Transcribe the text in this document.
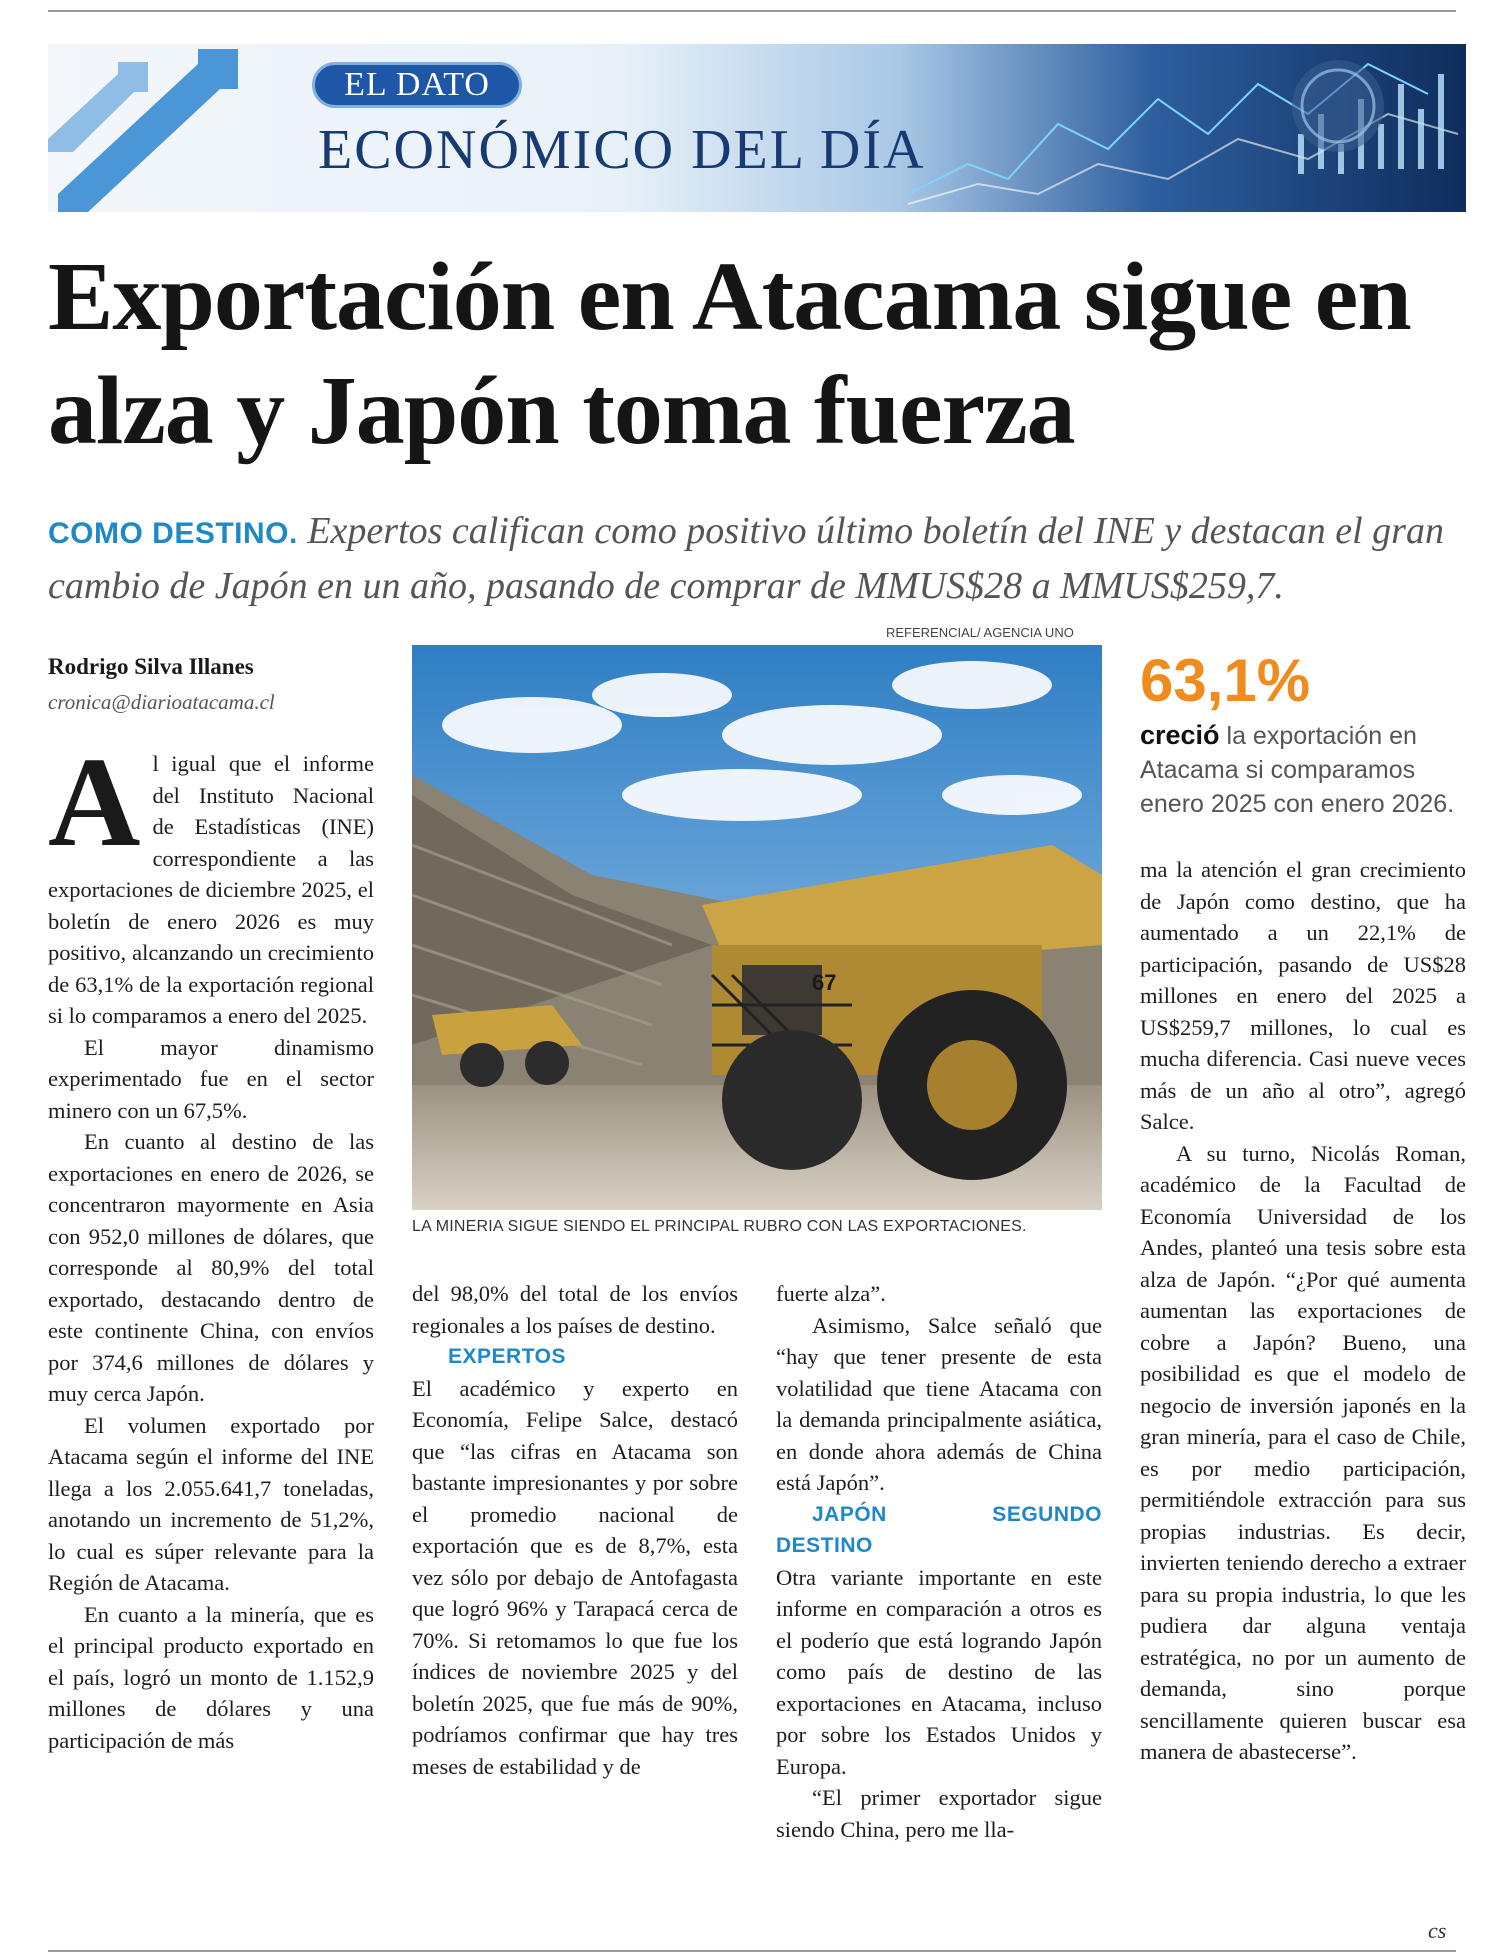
EL DATO
ECONÓMICO DEL DÍA
Exportación en Atacama sigue en alza y Japón toma fuerza
COMO DESTINO. Expertos califican como positivo último boletín del INE y destacan el gran cambio de Japón en un año, pasando de comprar de MMUS$28 a MMUS$259,7.
Rodrigo Silva Illanes
cronica@diarioatacama.cl

Al igual que el informe del Instituto Nacional de Estadísticas (INE) correspondiente a las exportaciones de diciembre 2025, el boletín de enero 2026 es muy positivo, alcanzando un crecimiento de 63,1% de la exportación regional si lo comparamos a enero del 2025.

El mayor dinamismo experimentado fue en el sector minero con un 67,5%.

En cuanto al destino de las exportaciones en enero de 2026, se concentraron mayormente en Asia con 952,0 millones de dólares, que corresponde al 80,9% del total exportado, destacando dentro de este continente China, con envíos por 374,6 millones de dólares y muy cerca Japón.

El volumen exportado por Atacama según el informe del INE llega a los 2.055.641,7 toneladas, anotando un incremento de 51,2%, lo cual es súper relevante para la Región de Atacama.

En cuanto a la minería, que es el principal producto exportado en el país, logró un monto de 1.152,9 millones de dólares y una participación de más

REFERENCIAL/ AGENCIA UNO
67
LA MINERIA SIGUE SIENDO EL PRINCIPAL RUBRO CON LAS EXPORTACIONES.
63,1%
creció la exportación en Atacama si comparamos enero 2025 con enero 2026.

del 98,0% del total de los envíos regionales a los países de destino.

EXPERTOS

El académico y experto en Economía, Felipe Salce, destacó que “las cifras en Atacama son bastante impresionantes y por sobre el promedio nacional de exportación que es de 8,7%, esta vez sólo por debajo de Antofagasta que logró 96% y Tarapacá cerca de 70%. Si retomamos lo que fue los índices de noviembre 2025 y del boletín 2025, que fue más de 90%, podríamos confirmar que hay tres meses de estabilidad y de

fuerte alza”.

Asimismo, Salce señaló que “hay que tener presente de esta volatilidad que tiene Atacama con la demanda principalmente asiática, en donde ahora además de China está Japón”.

JAPÓN SEGUNDO DESTINO

Otra variante importante en este informe en comparación a otros es el poderío que está logrando Japón como país de destino de las exportaciones en Atacama, incluso por sobre los Estados Unidos y Europa.

“El primer exportador sigue siendo China, pero me lla-

ma la atención el gran crecimiento de Japón como destino, que ha aumentado a un 22,1% de participación, pasando de US$28 millones en enero del 2025 a US$259,7 millones, lo cual es mucha diferencia. Casi nueve veces más de un año al otro”, agregó Salce.

A su turno, Nicolás Roman, académico de la Facultad de Economía Universidad de los Andes, planteó una tesis sobre esta alza de Japón. “¿Por qué aumenta aumentan las exportaciones de cobre a Japón? Bueno, una posibilidad es que el modelo de negocio de inversión japonés en la gran minería, para el caso de Chile, es por medio participación, permitiéndole extracción para sus propias industrias. Es decir, invierten teniendo derecho a extraer para su propia industria, lo que les pudiera dar alguna ventaja estratégica, no por un aumento de demanda, sino porque sencillamente quieren buscar esa manera de abastecerse”.

cs
